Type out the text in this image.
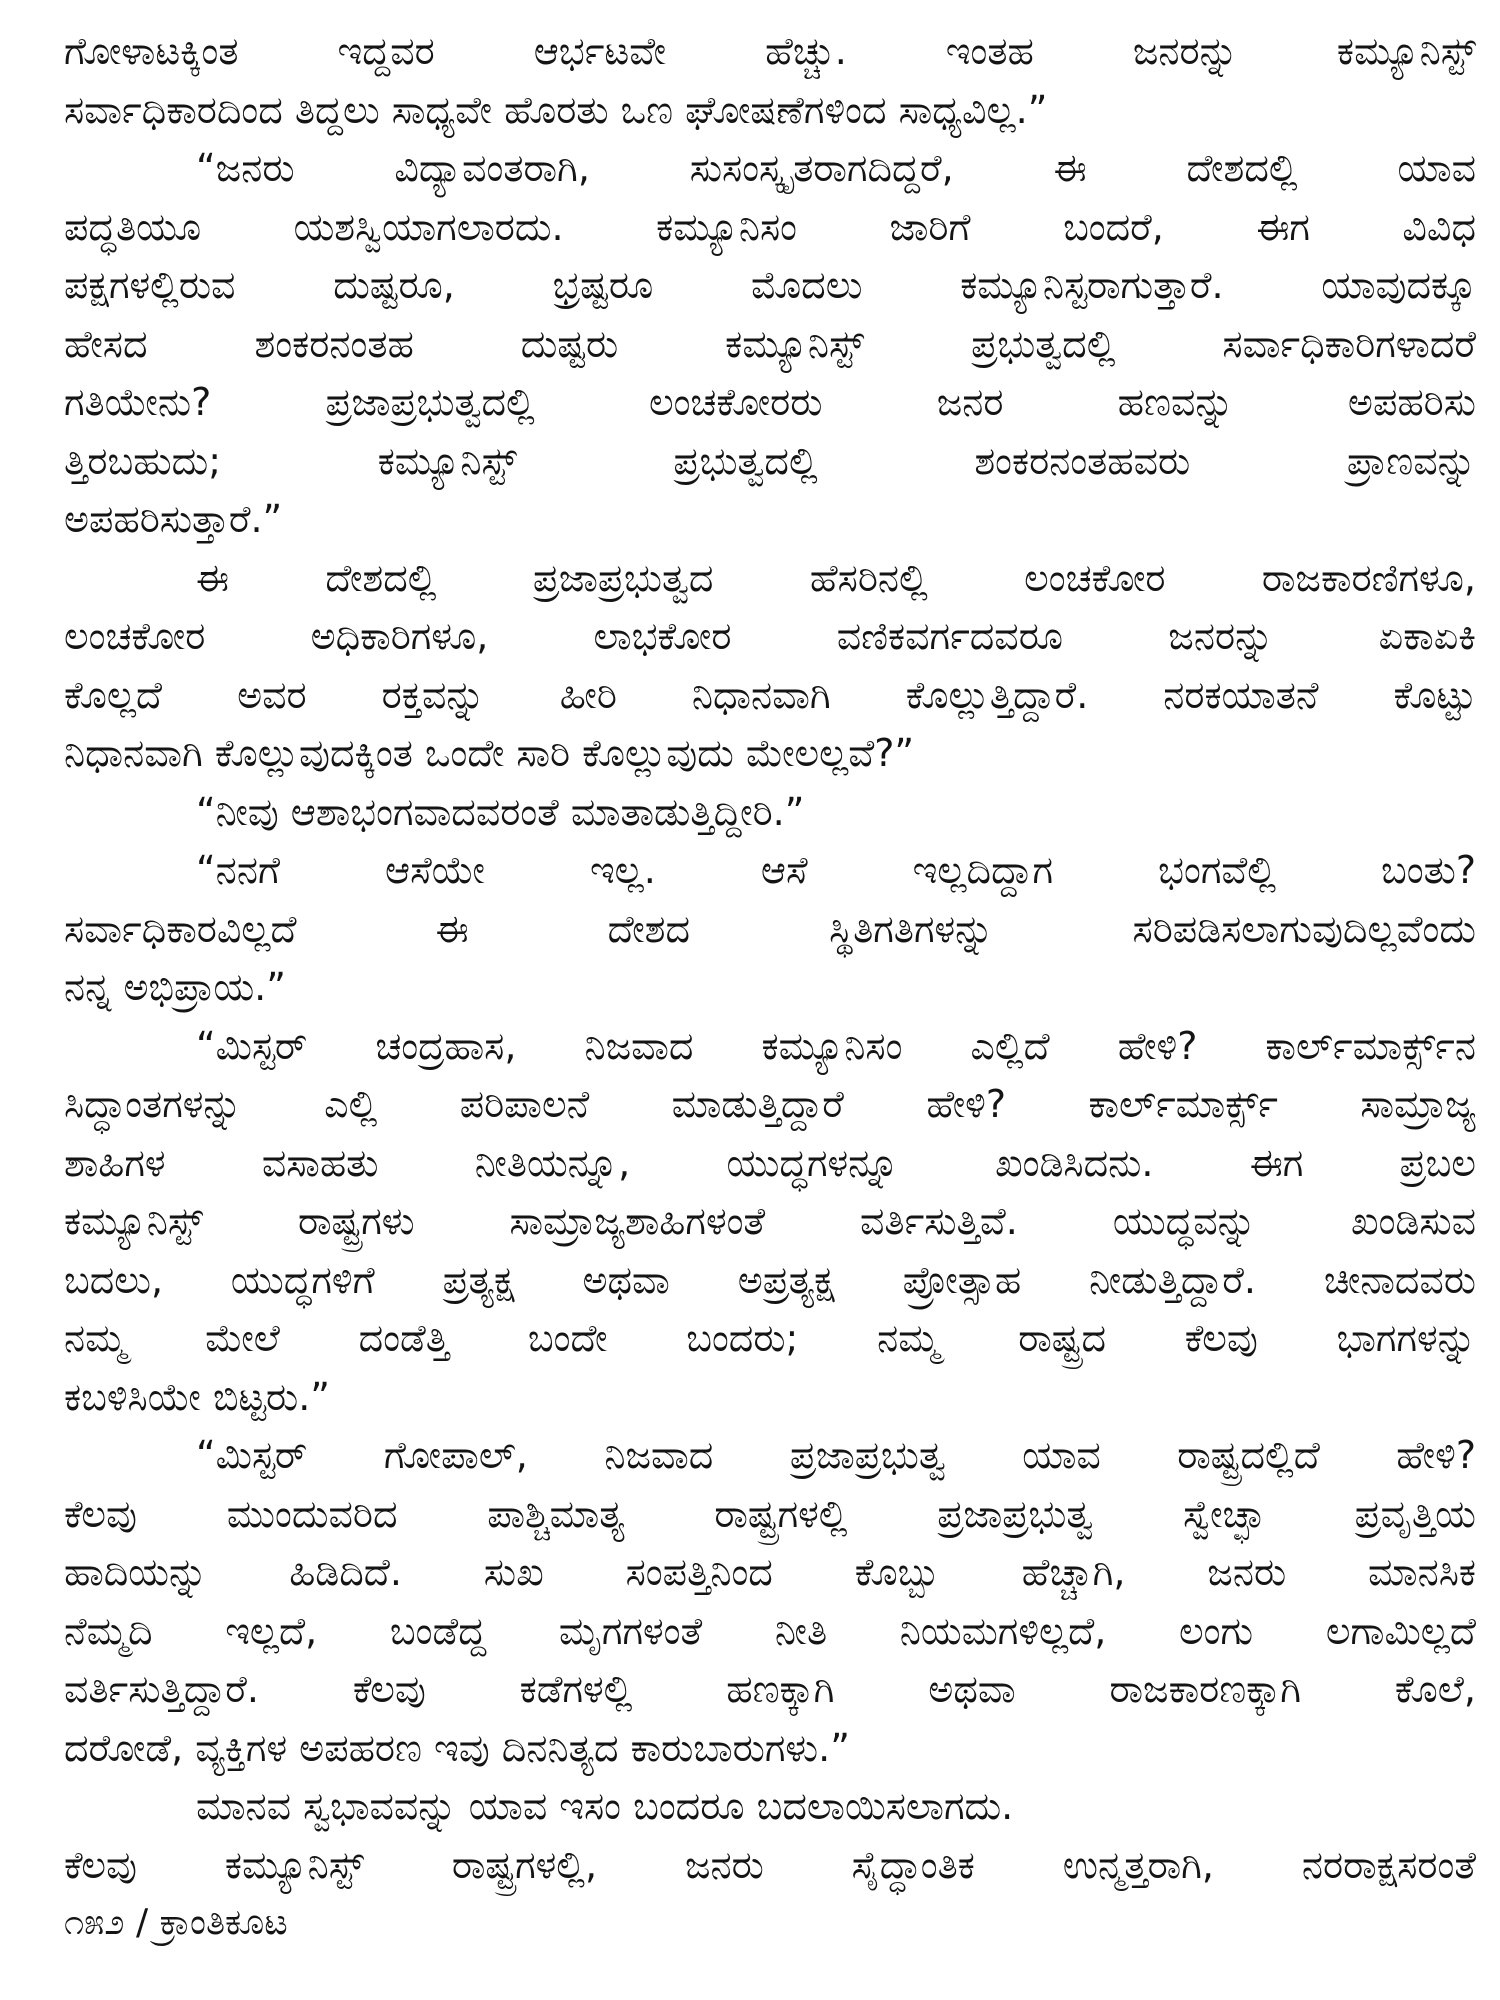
ಗೋಳಾಟಕ್ಕಿಂತ ಇದ್ದವರ ಆರ್ಭಟವೇ ಹೆಚ್ಚು. ಇಂತಹ ಜನರನ್ನು ಕಮ್ಯೂನಿಸ್ಟ್
ಸರ್ವಾಧಿಕಾರದಿಂದ ತಿದ್ದಲು ಸಾಧ್ಯವೇ ಹೊರತು ಒಣ ಘೋಷಣೆಗಳಿಂದ ಸಾಧ್ಯವಿಲ್ಲ.”
“ಜನರು ವಿದ್ಯಾವಂತರಾಗಿ, ಸುಸಂಸ್ಕೃತರಾಗದಿದ್ದರೆ, ಈ ದೇಶದಲ್ಲಿ ಯಾವ
ಪದ್ಧತಿಯೂ ಯಶಸ್ವಿಯಾಗಲಾರದು. ಕಮ್ಯೂನಿಸಂ ಜಾರಿಗೆ ಬಂದರೆ, ಈಗ ವಿವಿಧ
ಪಕ್ಷಗಳಲ್ಲಿರುವ ದುಷ್ಟರೂ, ಭ್ರಷ್ಟರೂ ಮೊದಲು ಕಮ್ಯೂನಿಸ್ಟರಾಗುತ್ತಾರೆ. ಯಾವುದಕ್ಕೂ
ಹೇಸದ ಶಂಕರನಂತಹ ದುಷ್ಟರು ಕಮ್ಯೂನಿಸ್ಟ್ ಪ್ರಭುತ್ವದಲ್ಲಿ ಸರ್ವಾಧಿಕಾರಿಗಳಾದರೆ
ಗತಿಯೇನು? ಪ್ರಜಾಪ್ರಭುತ್ವದಲ್ಲಿ ಲಂಚಕೋರರು ಜನರ ಹಣವನ್ನು ಅಪಹರಿಸು
ತ್ತಿರಬಹುದು; ಕಮ್ಯೂನಿಸ್ಟ್ ಪ್ರಭುತ್ವದಲ್ಲಿ ಶಂಕರನಂತಹವರು ಪ್ರಾಣವನ್ನು
ಅಪಹರಿಸುತ್ತಾರೆ.”
ಈ ದೇಶದಲ್ಲಿ ಪ್ರಜಾಪ್ರಭುತ್ವದ ಹೆಸರಿನಲ್ಲಿ ಲಂಚಕೋರ ರಾಜಕಾರಣಿಗಳೂ,
ಲಂಚಕೋರ ಅಧಿಕಾರಿಗಳೂ, ಲಾಭಕೋರ ವಣಿಕವರ್ಗದವರೂ ಜನರನ್ನು ಏಕಾಏಕಿ
ಕೊಲ್ಲದೆ ಅವರ ರಕ್ತವನ್ನು ಹೀರಿ ನಿಧಾನವಾಗಿ ಕೊಲ್ಲುತ್ತಿದ್ದಾರೆ. ನರಕಯಾತನೆ ಕೊಟ್ಟು
ನಿಧಾನವಾಗಿ ಕೊಲ್ಲುವುದಕ್ಕಿಂತ ಒಂದೇ ಸಾರಿ ಕೊಲ್ಲುವುದು ಮೇಲಲ್ಲವೆ?”
“ನೀವು ಆಶಾಭಂಗವಾದವರಂತೆ ಮಾತಾಡುತ್ತಿದ್ದೀರಿ.”
“ನನಗೆ ಆಸೆಯೇ ಇಲ್ಲ. ಆಸೆ ಇಲ್ಲದಿದ್ದಾಗ ಭಂಗವೆಲ್ಲಿ ಬಂತು?
ಸರ್ವಾಧಿಕಾರವಿಲ್ಲದೆ ಈ ದೇಶದ ಸ್ಥಿತಿಗತಿಗಳನ್ನು ಸರಿಪಡಿಸಲಾಗುವುದಿಲ್ಲವೆಂದು
ನನ್ನ ಅಭಿಪ್ರಾಯ.”
“ಮಿಸ್ಟರ್ ಚಂದ್ರಹಾಸ, ನಿಜವಾದ ಕಮ್ಯೂನಿಸಂ ಎಲ್ಲಿದೆ ಹೇಳಿ? ಕಾರ್ಲ್‌ಮಾರ್ಕ್ಸ್‌ನ
ಸಿದ್ಧಾಂತಗಳನ್ನು ಎಲ್ಲಿ ಪರಿಪಾಲನೆ ಮಾಡುತ್ತಿದ್ದಾರೆ ಹೇಳಿ? ಕಾರ್ಲ್‌ಮಾರ್ಕ್ಸ್ ಸಾಮ್ರಾಜ್ಯ
ಶಾಹಿಗಳ ವಸಾಹತು ನೀತಿಯನ್ನೂ, ಯುದ್ಧಗಳನ್ನೂ ಖಂಡಿಸಿದನು. ಈಗ ಪ್ರಬಲ
ಕಮ್ಯೂನಿಸ್ಟ್ ರಾಷ್ಟ್ರಗಳು ಸಾಮ್ರಾಜ್ಯಶಾಹಿಗಳಂತೆ ವರ್ತಿಸುತ್ತಿವೆ. ಯುದ್ಧವನ್ನು ಖಂಡಿಸುವ
ಬದಲು, ಯುದ್ಧಗಳಿಗೆ ಪ್ರತ್ಯಕ್ಷ ಅಥವಾ ಅಪ್ರತ್ಯಕ್ಷ ಪ್ರೋತ್ಸಾಹ ನೀಡುತ್ತಿದ್ದಾರೆ. ಚೀನಾದವರು
ನಮ್ಮ ಮೇಲೆ ದಂಡೆತ್ತಿ ಬಂದೇ ಬಂದರು; ನಮ್ಮ ರಾಷ್ಟ್ರದ ಕೆಲವು ಭಾಗಗಳನ್ನು
ಕಬಳಿಸಿಯೇ ಬಿಟ್ಟರು.”
“ಮಿಸ್ಟರ್ ಗೋಪಾಲ್, ನಿಜವಾದ ಪ್ರಜಾಪ್ರಭುತ್ವ ಯಾವ ರಾಷ್ಟ್ರದಲ್ಲಿದೆ ಹೇಳಿ?
ಕೆಲವು ಮುಂದುವರಿದ ಪಾಶ್ಚಿಮಾತ್ಯ ರಾಷ್ಟ್ರಗಳಲ್ಲಿ ಪ್ರಜಾಪ್ರಭುತ್ವ ಸ್ವೇಚ್ಛಾ ಪ್ರವೃತ್ತಿಯ
ಹಾದಿಯನ್ನು ಹಿಡಿದಿದೆ. ಸುಖ ಸಂಪತ್ತಿನಿಂದ ಕೊಬ್ಬು ಹೆಚ್ಚಾಗಿ, ಜನರು ಮಾನಸಿಕ
ನೆಮ್ಮದಿ ಇಲ್ಲದೆ, ಬಂಡೆದ್ದ ಮೃಗಗಳಂತೆ ನೀತಿ ನಿಯಮಗಳಿಲ್ಲದೆ, ಲಂಗು ಲಗಾಮಿಲ್ಲದೆ
ವರ್ತಿಸುತ್ತಿದ್ದಾರೆ. ಕೆಲವು ಕಡೆಗಳಲ್ಲಿ ಹಣಕ್ಕಾಗಿ ಅಥವಾ ರಾಜಕಾರಣಕ್ಕಾಗಿ ಕೊಲೆ,
ದರೋಡೆ, ವ್ಯಕ್ತಿಗಳ ಅಪಹರಣ ಇವು ದಿನನಿತ್ಯದ ಕಾರುಬಾರುಗಳು.”
ಮಾನವ ಸ್ವಭಾವವನ್ನು ಯಾವ ಇಸಂ ಬಂದರೂ ಬದಲಾಯಿಸಲಾಗದು.
ಕೆಲವು ಕಮ್ಯೂನಿಸ್ಟ್ ರಾಷ್ಟ್ರಗಳಲ್ಲಿ, ಜನರು ಸೈದ್ಧಾಂತಿಕ ಉನ್ಮತ್ತರಾಗಿ, ನರರಾಕ್ಷಸರಂತೆ
೧೫೨ / ಕ್ರಾಂತಿಕೂಟ
